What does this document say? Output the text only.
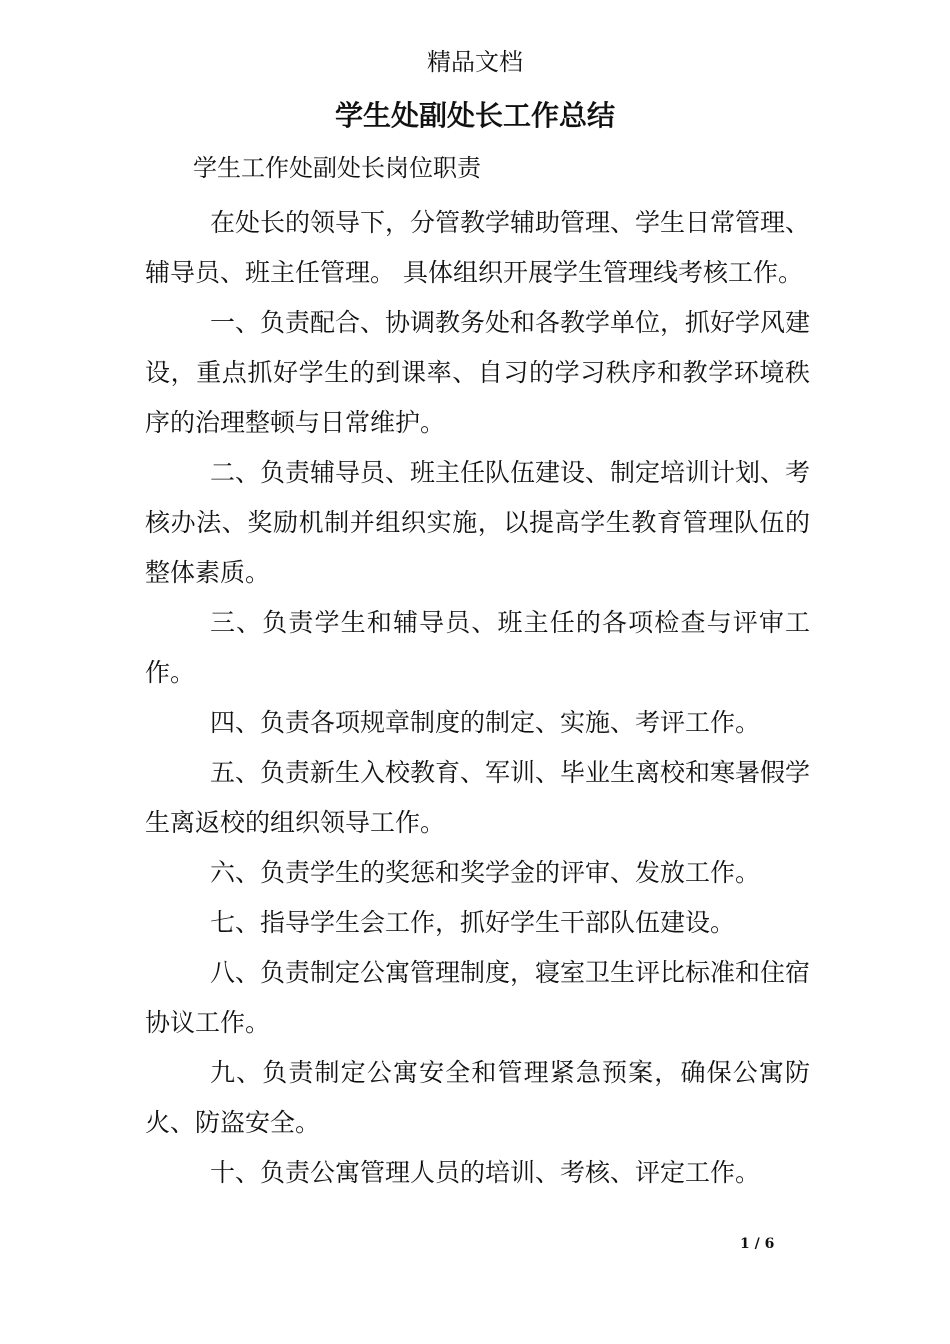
精品文档
学生处副处长工作总结
学生工作处副处长岗位职责

在处长的领导下，分管教学辅助管理、学生日常管理、辅导员、班主任管理。 具体组织开展学生管理线考核工作。

一、负责配合、协调教务处和各教学单位，抓好学风建设，重点抓好学生的到课率、自习的学习秩序和教学环境秩序的治理整顿与日常维护。

二、负责辅导员、班主任队伍建设、制定培训计划、考核办法、奖励机制并组织实施，以提高学生教育管理队伍的整体素质。

三、负责学生和辅导员、班主任的各项检查与评审工作。

四、负责各项规章制度的制定、实施、考评工作。

五、负责新生入校教育、军训、毕业生离校和寒暑假学生离返校的组织领导工作。

六、负责学生的奖惩和奖学金的评审、发放工作。

七、指导学生会工作，抓好学生干部队伍建设。

八、负责制定公寓管理制度，寝室卫生评比标准和住宿协议工作。

九、负责制定公寓安全和管理紧急预案，确保公寓防火、防盗安全。

十、负责公寓管理人员的培训、考核、评定工作。

1 / 6
